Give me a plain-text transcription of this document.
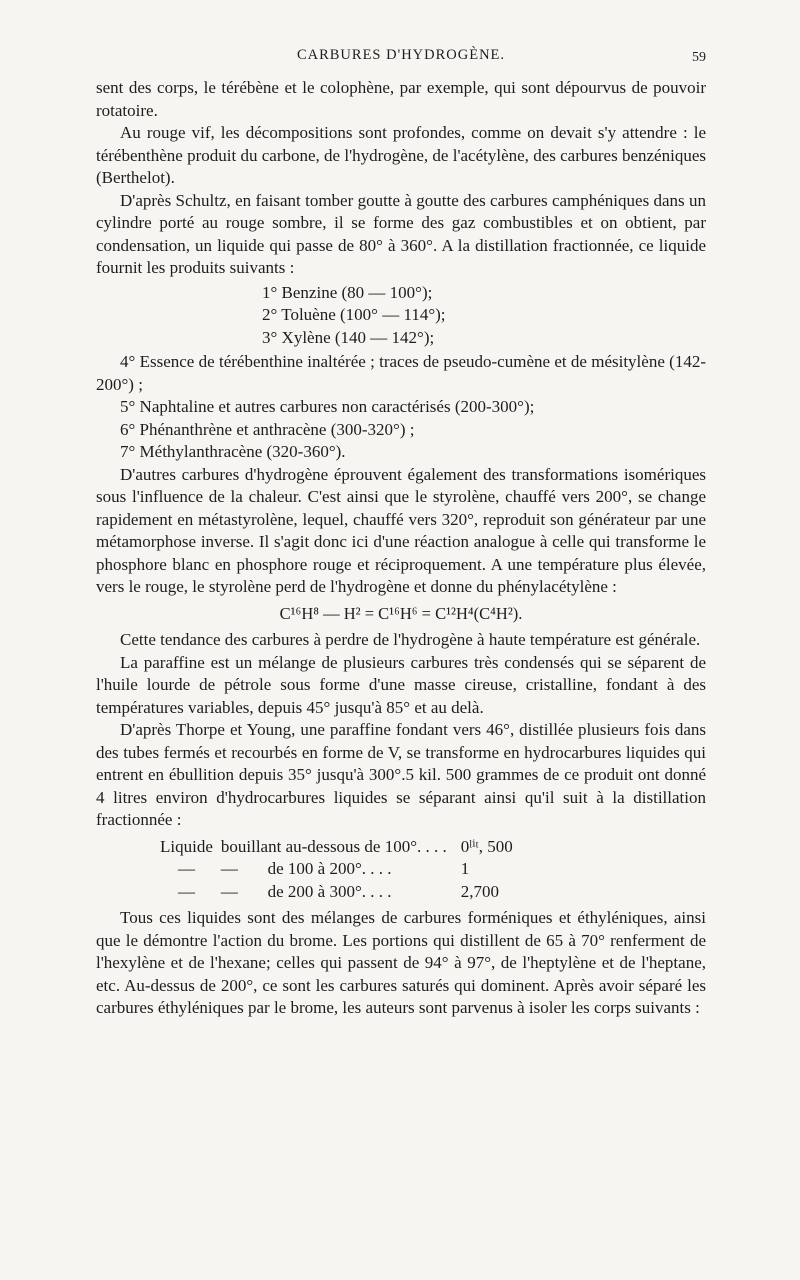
CARBURES D'HYDROGÈNE.	59

sent des corps, le térébène et le colophène, par exemple, qui sont dépourvus de pouvoir rotatoire.

Au rouge vif, les décompositions sont profondes, comme on devait s'y attendre : le térébenthène produit du carbone, de l'hydrogène, de l'acétylène, des carbures benzéniques (Berthelot).

D'après Schultz, en faisant tomber goutte à goutte des carbures camphéniques dans un cylindre porté au rouge sombre, il se forme des gaz combustibles et on obtient, par condensation, un liquide qui passe de 80° à 360°. A la distillation fractionnée, ce liquide fournit les produits suivants :

1° Benzine (80 — 100°);
2° Toluène (100° — 114°);
3° Xylène (140 — 142°);

4° Essence de térébenthine inaltérée ; traces de pseudo-cumène et de mésitylène (142-200°) ;

5° Naphtaline et autres carbures non caractérisés (200-300°);

6° Phénanthrène et anthracène (300-320°) ;

7° Méthylanthracène (320-360°).

D'autres carbures d'hydrogène éprouvent également des transformations isomériques sous l'influence de la chaleur. C'est ainsi que le styrolène, chauffé vers 200°, se change rapidement en métastyrolène, lequel, chauffé vers 320°, reproduit son générateur par une métamorphose inverse. Il s'agit donc ici d'une réaction analogue à celle qui transforme le phosphore blanc en phosphore rouge et réciproquement. A une température plus élevée, vers le rouge, le styrolène perd de l'hydrogène et donne du phénylacétylène :

C¹⁶H⁸ — H² = C¹⁶H⁶ = C¹²H⁴(C⁴H²).

Cette tendance des carbures à perdre de l'hydrogène à haute température est générale.

La paraffine est un mélange de plusieurs carbures très condensés qui se séparent de l'huile lourde de pétrole sous forme d'une masse cireuse, cristalline, fondant à des températures variables, depuis 45° jusqu'à 85° et au delà.

D'après Thorpe et Young, une paraffine fondant vers 46°, distillée plusieurs fois dans des tubes fermés et recourbés en forme de V, se transforme en hydrocarbures liquides qui entrent en ébullition depuis 35° jusqu'à 300°.5 kil. 500 grammes de ce produit ont donné 4 litres environ d'hydrocarbures liquides se séparant ainsi qu'il suit à la distillation fractionnée :

Liquide	bouillant au-dessous de 100°. . . .	0ˡⁱᵗ, 500
—	—       de 100 à 200°. . . .	1
—	—       de 200 à 300°. . . .	2,700

Tous ces liquides sont des mélanges de carbures forméniques et éthyléniques, ainsi que le démontre l'action du brome. Les portions qui distillent de 65 à 70° renferment de l'hexylène et de l'hexane; celles qui passent de 94° à 97°, de l'heptylène et de l'heptane, etc. Au-dessus de 200°, ce sont les carbures saturés qui dominent. Après avoir séparé les carbures éthyléniques par le brome, les auteurs sont parvenus à isoler les corps suivants :
